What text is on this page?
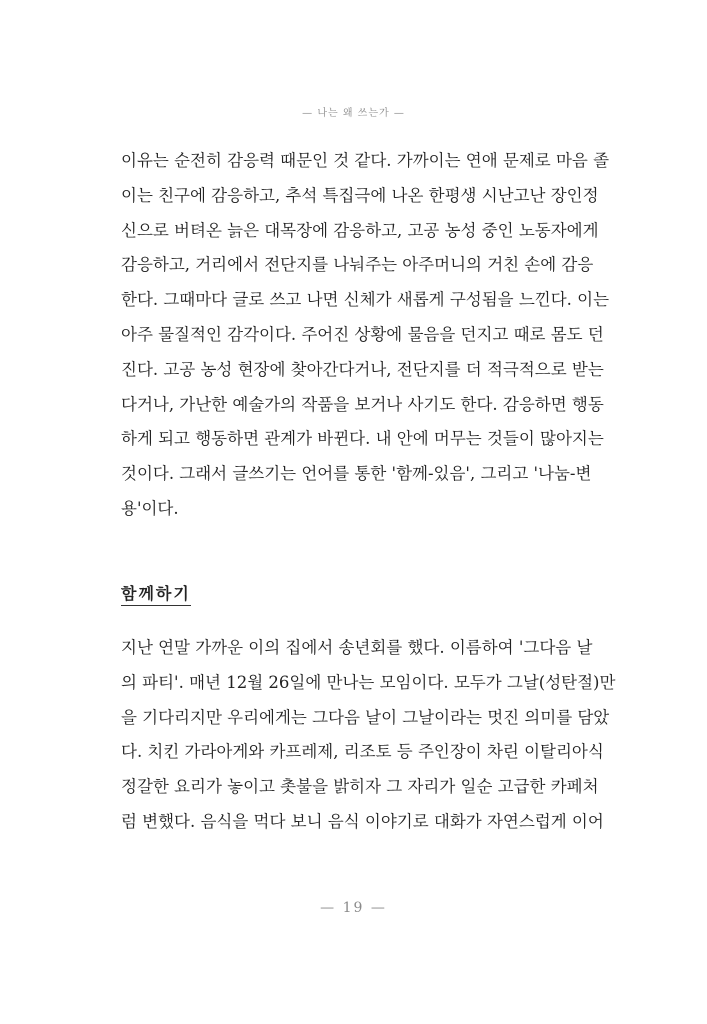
— 나는 왜 쓰는가 —

이유는 순전히 감응력 때문인 것 같다. 가까이는 연애 문제로 마음 졸
이는 친구에 감응하고, 추석 특집극에 나온 한평생 시난고난 장인정
신으로 버텨온 늙은 대목장에 감응하고, 고공 농성 중인 노동자에게
감응하고, 거리에서 전단지를 나눠주는 아주머니의 거친 손에 감응
한다. 그때마다 글로 쓰고 나면 신체가 새롭게 구성됨을 느낀다. 이는
아주 물질적인 감각이다. 주어진 상황에 물음을 던지고 때로 몸도 던
진다. 고공 농성 현장에 찾아간다거나, 전단지를 더 적극적으로 받는
다거나, 가난한 예술가의 작품을 보거나 사기도 한다. 감응하면 행동
하게 되고 행동하면 관계가 바뀐다. 내 안에 머무는 것들이 많아지는
것이다. 그래서 글쓰기는 언어를 통한 '함께-있음', 그리고 '나눔-변
용'이다.

함께하기

지난 연말 가까운 이의 집에서 송년회를 했다. 이름하여 '그다음 날
의 파티'. 매년 12월 26일에 만나는 모임이다. 모두가 그날(성탄절)만
을 기다리지만 우리에게는 그다음 날이 그날이라는 멋진 의미를 담았
다. 치킨 가라아게와 카프레제, 리조토 등 주인장이 차린 이탈리아식
정갈한 요리가 놓이고 촛불을 밝히자 그 자리가 일순 고급한 카페처
럼 변했다. 음식을 먹다 보니 음식 이야기로 대화가 자연스럽게 이어

— 19 —
